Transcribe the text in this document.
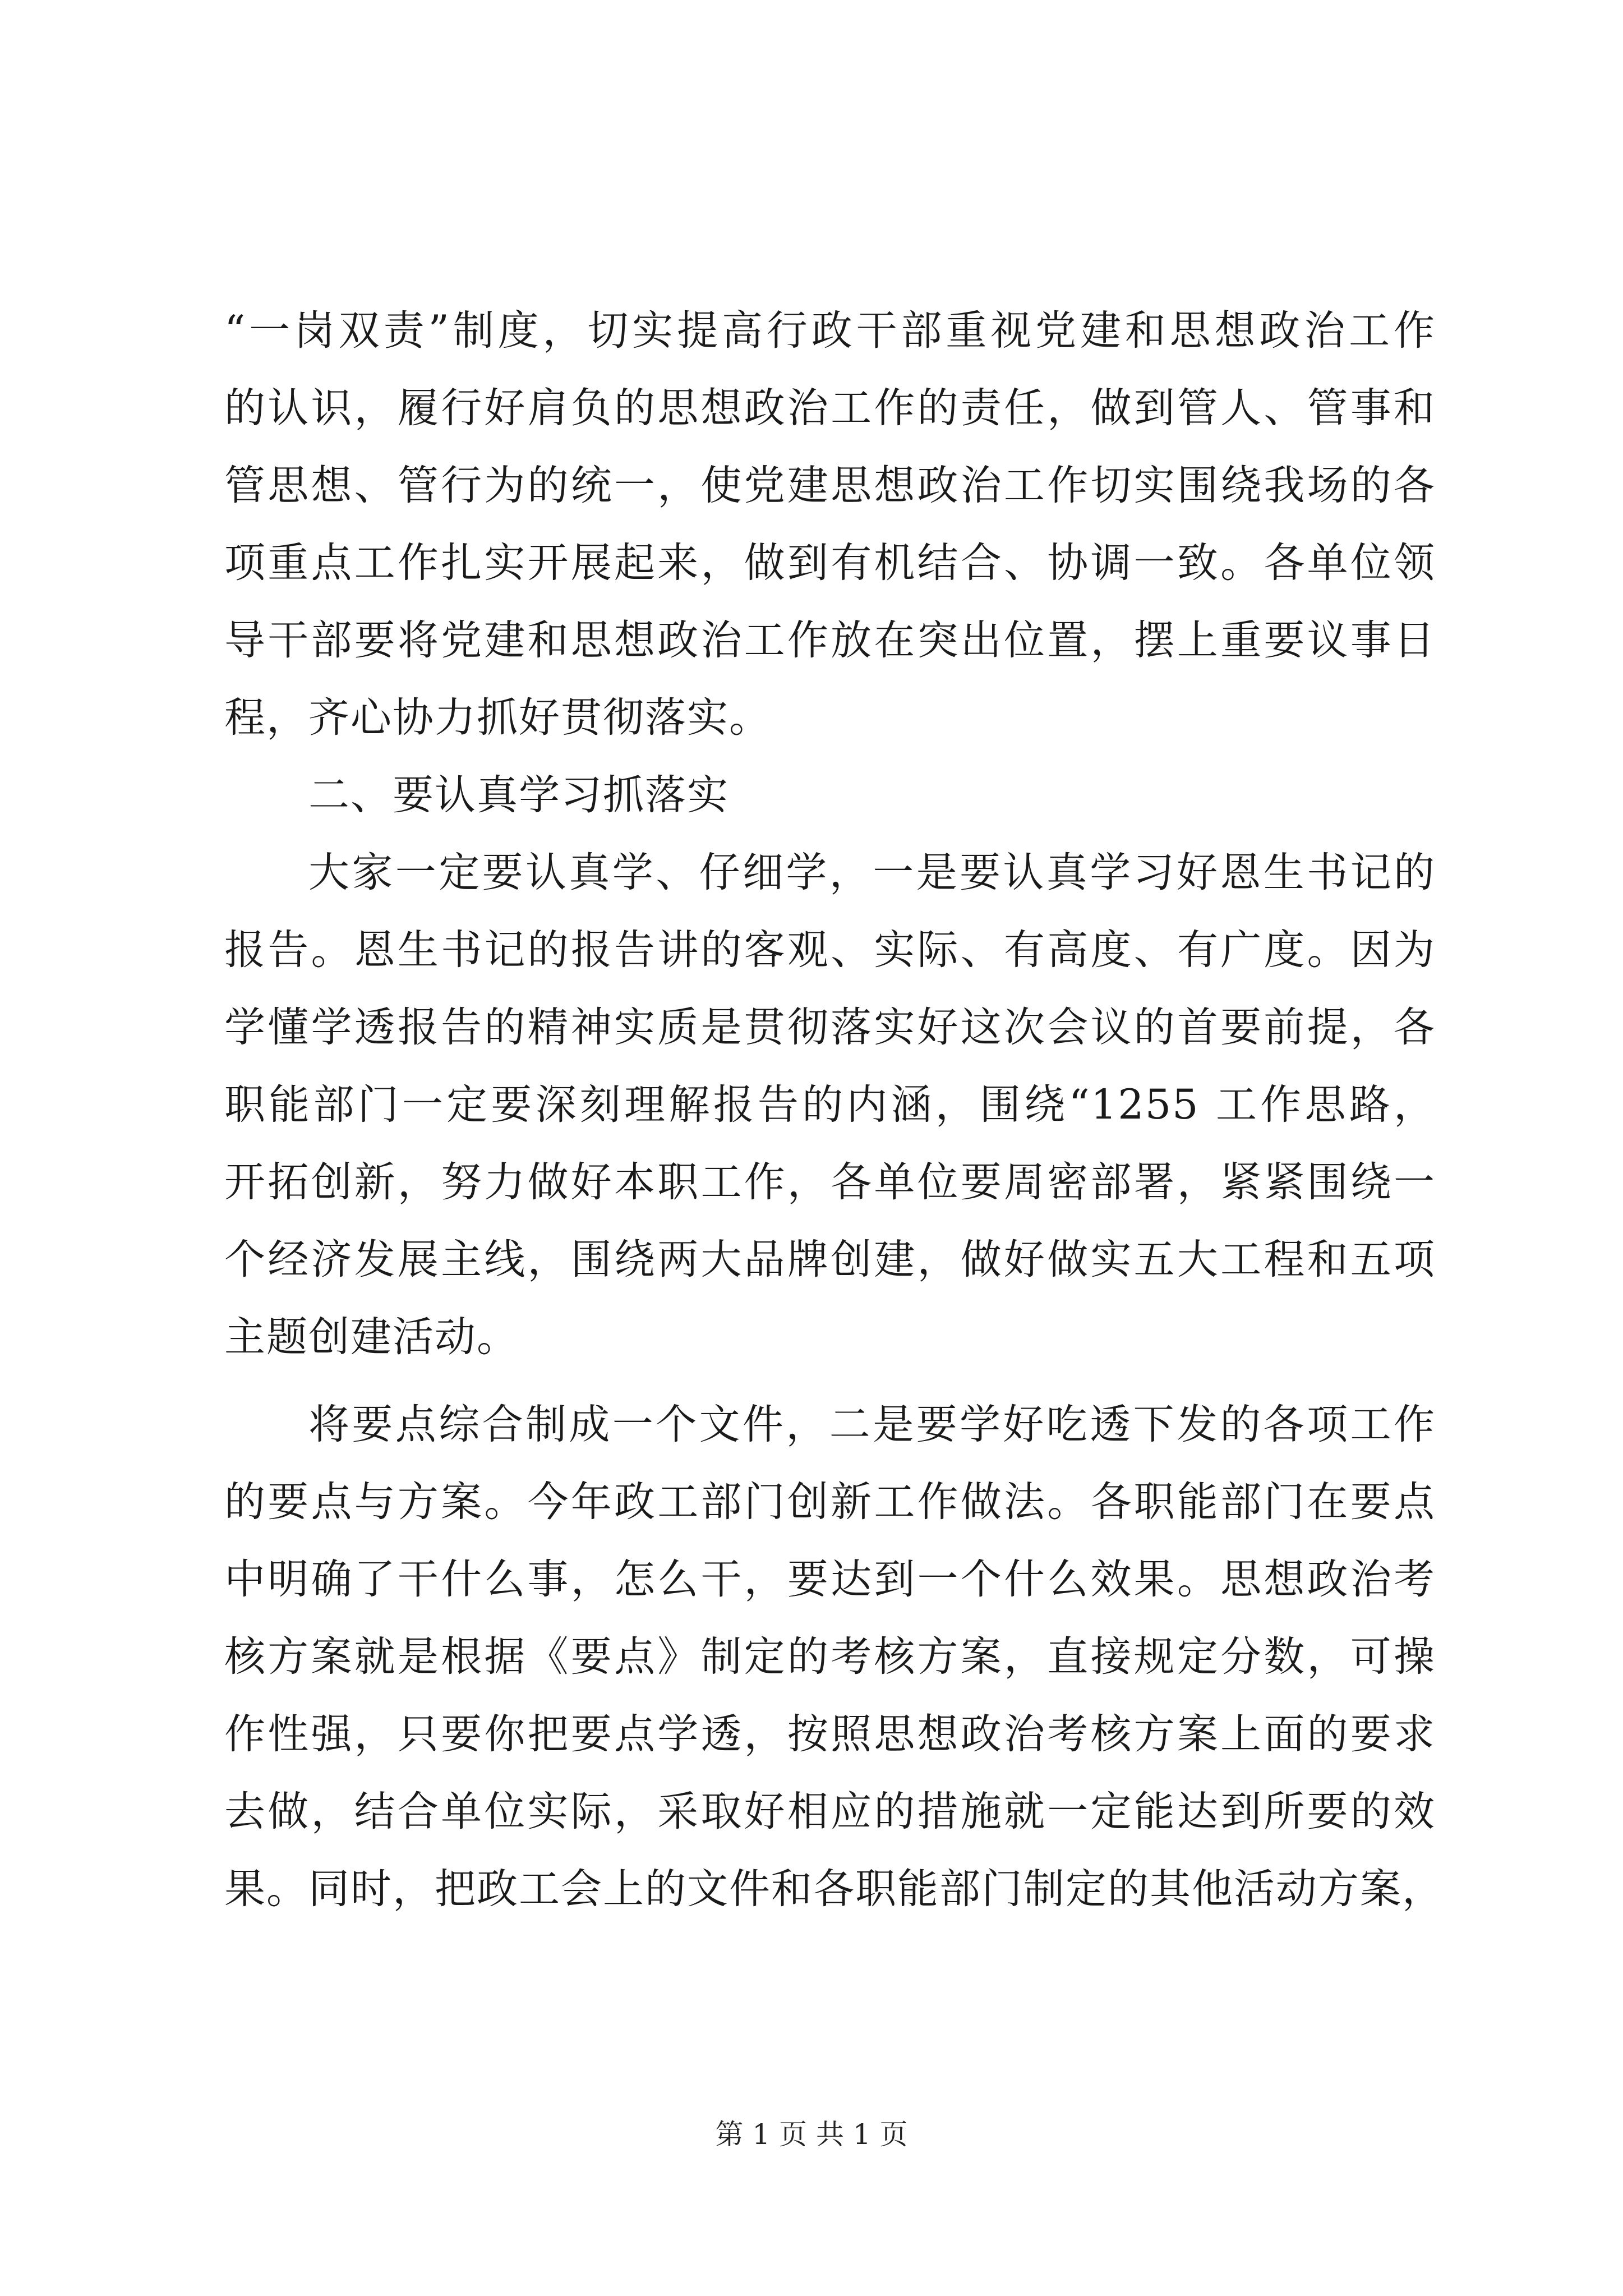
“一岗双责”制度，切实提高行政干部重视党建和思想政治工作
的认识，履行好肩负的思想政治工作的责任，做到管人、管事和
管思想、管行为的统一，使党建思想政治工作切实围绕我场的各
项重点工作扎实开展起来，做到有机结合、协调一致。各单位领
导干部要将党建和思想政治工作放在突出位置，摆上重要议事日
程，齐心协力抓好贯彻落实。
二、要认真学习抓落实
大家一定要认真学、仔细学，一是要认真学习好恩生书记的
报告。恩生书记的报告讲的客观、实际、有高度、有广度。因为
学懂学透报告的精神实质是贯彻落实好这次会议的首要前提，各
职能部门一定要深刻理解报告的内涵，围绕“1255 工作思路，
开拓创新，努力做好本职工作，各单位要周密部署，紧紧围绕一
个经济发展主线，围绕两大品牌创建，做好做实五大工程和五项
主题创建活动。
将要点综合制成一个文件，二是要学好吃透下发的各项工作
的要点与方案。今年政工部门创新工作做法。各职能部门在要点
中明确了干什么事，怎么干，要达到一个什么效果。思想政治考
核方案就是根据《要点》制定的考核方案，直接规定分数，可操
作性强，只要你把要点学透，按照思想政治考核方案上面的要求
去做，结合单位实际，采取好相应的措施就一定能达到所要的效
果。同时，把政工会上的文件和各职能部门制定的其他活动方案，
第 1 页 共 1 页
